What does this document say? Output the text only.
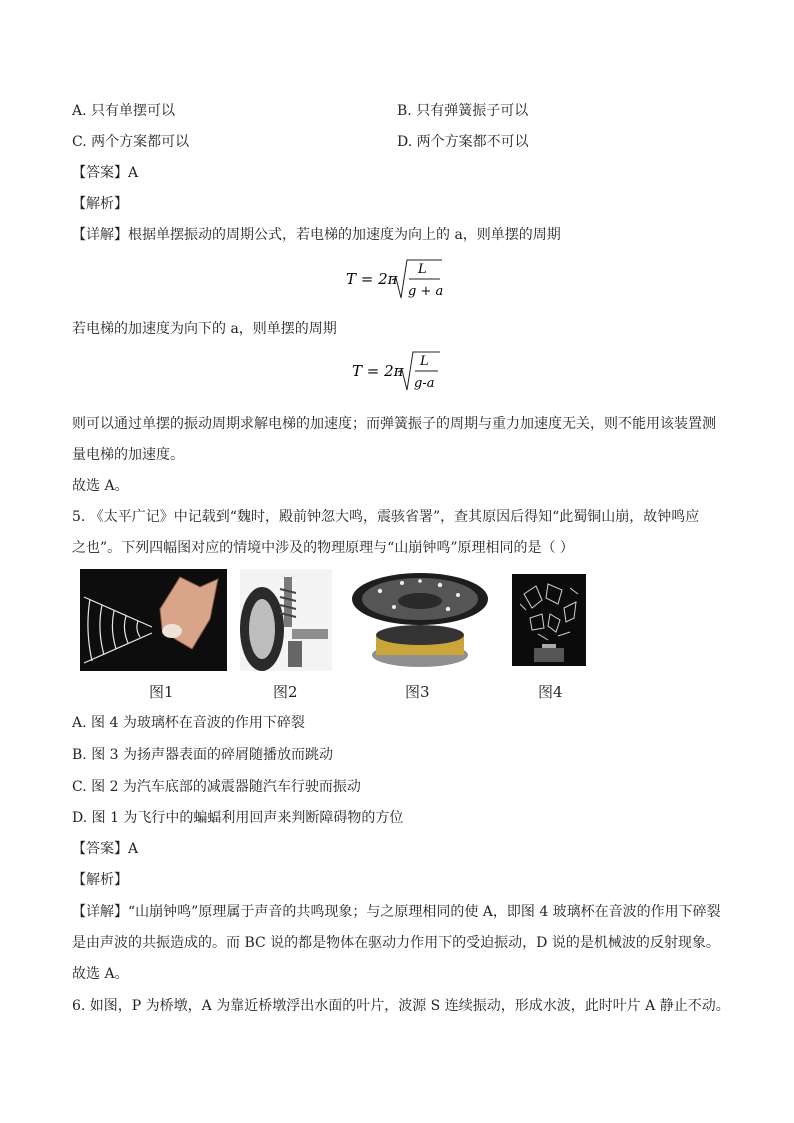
A. 只有单摆可以	B. 只有弹簧振子可以
C. 两个方案都可以	D. 两个方案都不可以
【答案】A
【解析】
【详解】根据单摆振动的周期公式，若电梯的加速度为向上的 a，则单摆的周期
T = 2π
L
g + a
若电梯的加速度为向下的 a，则单摆的周期
T = 2π
L
g-a
则可以通过单摆的振动周期求解电梯的加速度；而弹簧振子的周期与重力加速度无关，则不能用该装置测
量电梯的加速度。
故选 A。
5. 《太平广记》中记载到“魏时，殿前钟忽大鸣，震骇省署”，查其原因后得知“此蜀铜山崩，故钟鸣应
之也”。下列四幅图对应的情境中涉及的物理原理与“山崩钟鸣”原理相同的是（ ）
图1	图2	图3	图4
A. 图 4 为玻璃杯在音波的作用下碎裂
B. 图 3 为扬声器表面的碎屑随播放而跳动
C. 图 2 为汽车底部的减震器随汽车行驶而振动
D. 图 1 为飞行中的蝙蝠利用回声来判断障碍物的方位
【答案】A
【解析】
【详解】“山崩钟鸣”原理属于声音的共鸣现象；与之原理相同的使 A，即图 4 玻璃杯在音波的作用下碎裂
是由声波的共振造成的。而 BC 说的都是物体在驱动力作用下的受迫振动，D 说的是机械波的反射现象。
故选 A。
6. 如图，P 为桥墩，A 为靠近桥墩浮出水面的叶片，波源 S 连续振动，形成水波，此时叶片 A 静止不动。
